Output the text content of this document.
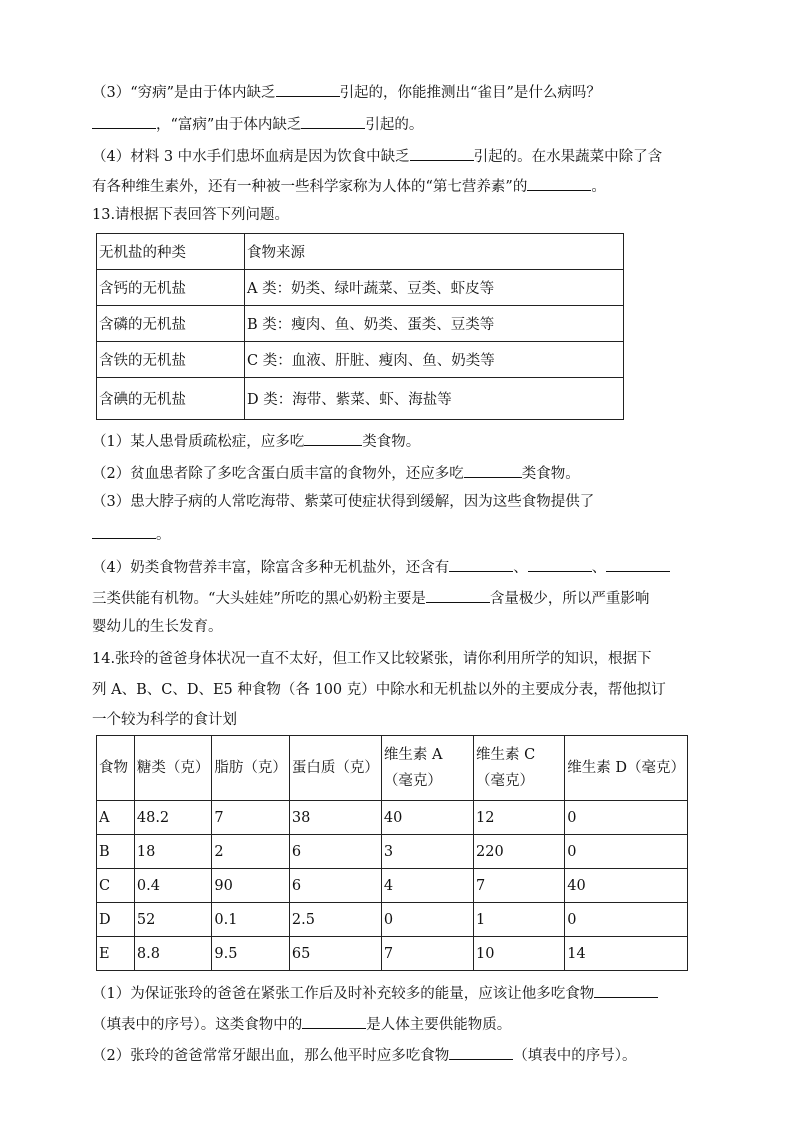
（3）“穷病”是由于体内缺乏	引起的，你能推测出“雀目”是什么病吗？
，“富病”由于体内缺乏	引起的。
（4）材料 3 中水手们患坏血病是因为饮食中缺乏	引起的。在水果蔬菜中除了含
有各种维生素外，还有一种被一些科学家称为人体的“第七营养素”的	。
13.请根据下表回答下列问题。
无机盐的种类	食物来源
含钙的无机盐	A 类：奶类、绿叶蔬菜、豆类、虾皮等
含磷的无机盐	B 类：瘦肉、鱼、奶类、蛋类、豆类等
含铁的无机盐	C 类：血液、肝脏、瘦肉、鱼、奶类等
含碘的无机盐	D 类：海带、紫菜、虾、海盐等
（1）某人患骨质疏松症，应多吃	类食物。
（2）贫血患者除了多吃含蛋白质丰富的食物外，还应多吃	类食物。
（3）患大脖子病的人常吃海带、紫菜可使症状得到缓解，因为这些食物提供了
。
（4）奶类食物营养丰富，除富含多种无机盐外，还含有	、	、
三类供能有机物。“大头娃娃”所吃的黑心奶粉主要是	含量极少，所以严重影响
婴幼儿的生长发育。
14.张玲的爸爸身体状况一直不太好，但工作又比较紧张，请你利用所学的知识，根据下
列 A、B、C、D、E5 种食物（各 100 克）中除水和无机盐以外的主要成分表，帮他拟订
一个较为科学的食计划
食物	糖类（克）	脂肪（克）	蛋白质（克）	维生素 A（毫克）	维生素 C（毫克）	维生素 D（毫克）
A	48.2	7	38	40	12	0
B	18	2	6	3	220	0
C	0.4	90	6	4	7	40
D	52	0.1	2.5	0	1	0
E	8.8	9.5	65	7	10	14
（1）为保证张玲的爸爸在紧张工作后及时补充较多的能量，应该让他多吃食物
（填表中的序号）。这类食物中的	是人体主要供能物质。
（2）张玲的爸爸常常牙龈出血，那么他平时应多吃食物	（填表中的序号）。
